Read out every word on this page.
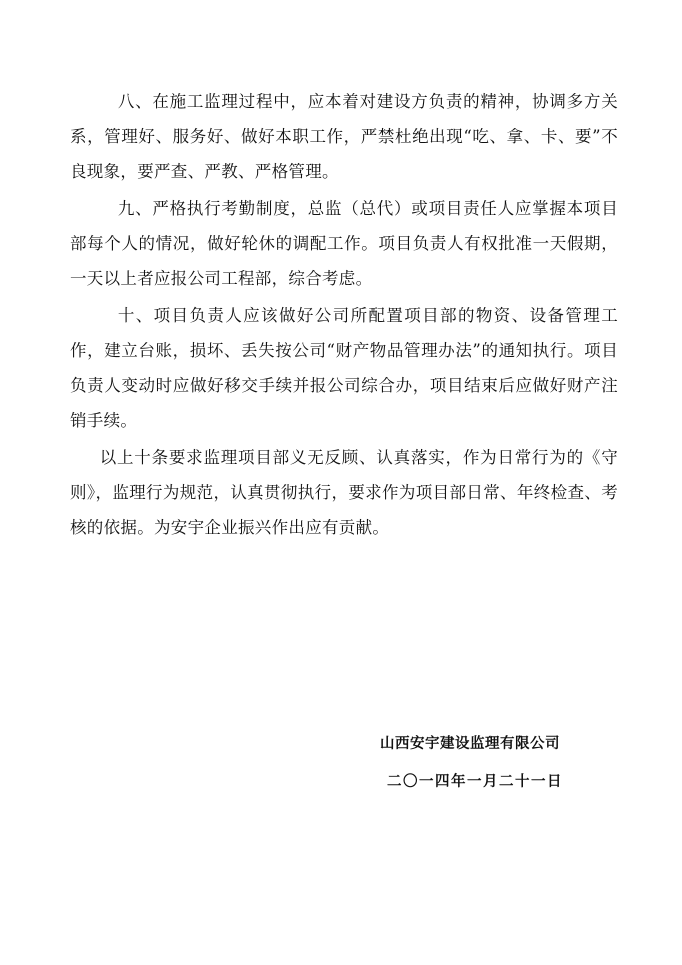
八、在施工监理过程中，应本着对建设方负责的精神，协调多方关系，管理好、服务好、做好本职工作，严禁杜绝出现“吃、拿、卡、要”不良现象，要严查、严教、严格管理。

九、严格执行考勤制度，总监（总代）或项目责任人应掌握本项目部每个人的情况，做好轮休的调配工作。项目负责人有权批准一天假期，一天以上者应报公司工程部，综合考虑。

十、项目负责人应该做好公司所配置项目部的物资、设备管理工作，建立台账，损坏、丢失按公司“财产物品管理办法”的通知执行。项目负责人变动时应做好移交手续并报公司综合办，项目结束后应做好财产注销手续。

以上十条要求监理项目部义无反顾、认真落实，作为日常行为的《守则》，监理行为规范，认真贯彻执行，要求作为项目部日常、年终检查、考核的依据。为安宇企业振兴作出应有贡献。

山西安宇建设监理有限公司
二〇一四年一月二十一日
